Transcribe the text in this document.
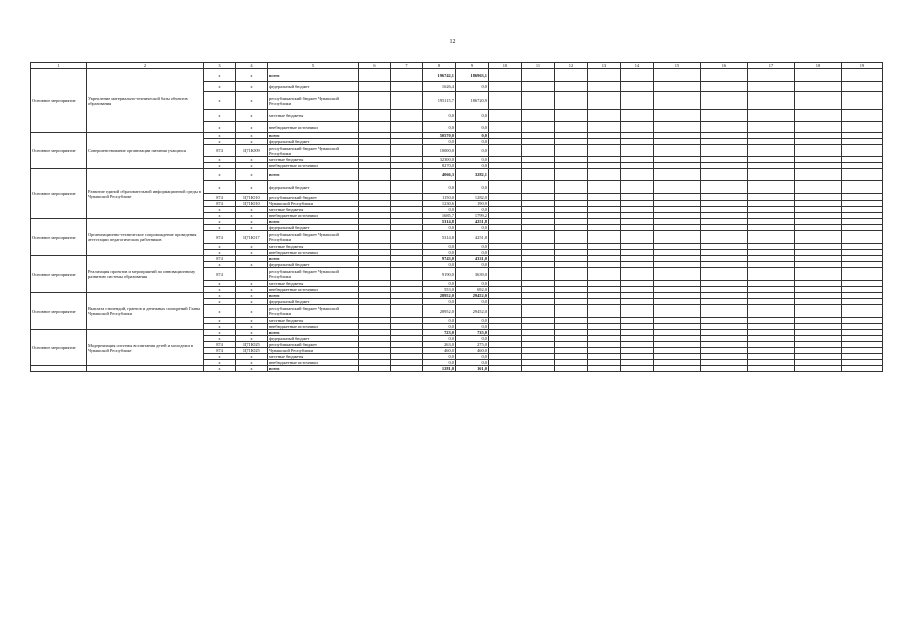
12
1	2	3	4	5	6	7	8	9	10	11	12	13	14	15	16	17	18	19
Основное мероприятие	Укрепление материально-технической базы объектов образования	x	x	всего			196742,1	186963,1										
		x	x	федеральный бюджет			1626,4	0,0										
		x	x	республиканский бюджет Чувашской Республики			195115,7	186720,9										
		x	x	местные бюджеты			0,0	0,0										
		x	x	внебюджетные источники			0,0	0,0										
Основное мероприятие	Совершенствование организации питания учащихся	x	x	всего			50570,0	0,0										
		x	x	федеральный бюджет			0,0	0,0										
		874	Ц71Ю09	республиканский бюджет Чувашской Республики			10000,0	0,0										
		x	x	местные бюджеты			32300,0	0,0										
		x	x	внебюджетные источники			8270,0	0,0										
Основное мероприятие	Развитие единой образовательной информационной среды в Чувашской Республике	x	x	всего			4066,3	3282,1										
		x	x	федеральный бюджет			0,0	0,0										
		874	Ц71Ю10	республиканский бюджет			1150,0	1282,0										
		874	Ц71Ю10	Чувашской Республики			1230,6	190,9										
		x	x	местные бюджеты			0,0	0,0										
		x	x	внебюджетные источники			1685,7	1799,2										
Основное мероприятие	Организационно-техническое сопровождение проведения аттестации педагогических работников	x	x	всего			5314,8	4251,8										
		x	x	федеральный бюджет			0,0	0,0										
		874	Ц71Ю17	республиканский бюджет Чувашской Республики			5314,8	4251,8										
		x	x	местные бюджеты			0,0	0,0										
		x	x	внебюджетные источники			0,0	0,0										
Основное мероприятие	Реализация проектов и мероприятий по инновационному развитию системы образования	874		всего			9743,0	4331,0										
		x	x	федеральный бюджет			0,0	0,0										
		874		республиканский бюджет Чувашской Республики			9190,0	3639,0										
		x	x	местные бюджеты			0,0	0,0										
		x	x	внебюджетные источники			553,0	692,0										
Основное мероприятие	Выплата стипендий, грантов и денежных поощрений Главы Чувашской Республики	x	x	всего			28952,0	29452,0										
		x	x	федеральный бюджет			0,0	0,0										
		x	x	республиканский бюджет Чувашской Республики			28952,0	29452,0										
		x	x	местные бюджеты			0,0	0,0										
		x	x	внебюджетные источники			0,0	0,0										
Основное мероприятие	Модернизация системы воспитания детей и молодежи в Чувашской Республике	x	x	всего			723,0	735,0										
		x	x	федеральный бюджет			0,0	0,0										
		874	Ц71Ю25	республиканский бюджет			263,0	275,0										
		874	Ц71Ю25	Чувашской Республики			460,0	460,0										
		x	x	местные бюджеты			0,0	0,0										
		x	x	внебюджетные источники			0,0	0,0										
		x	x	всего			1281,0	161,0										
